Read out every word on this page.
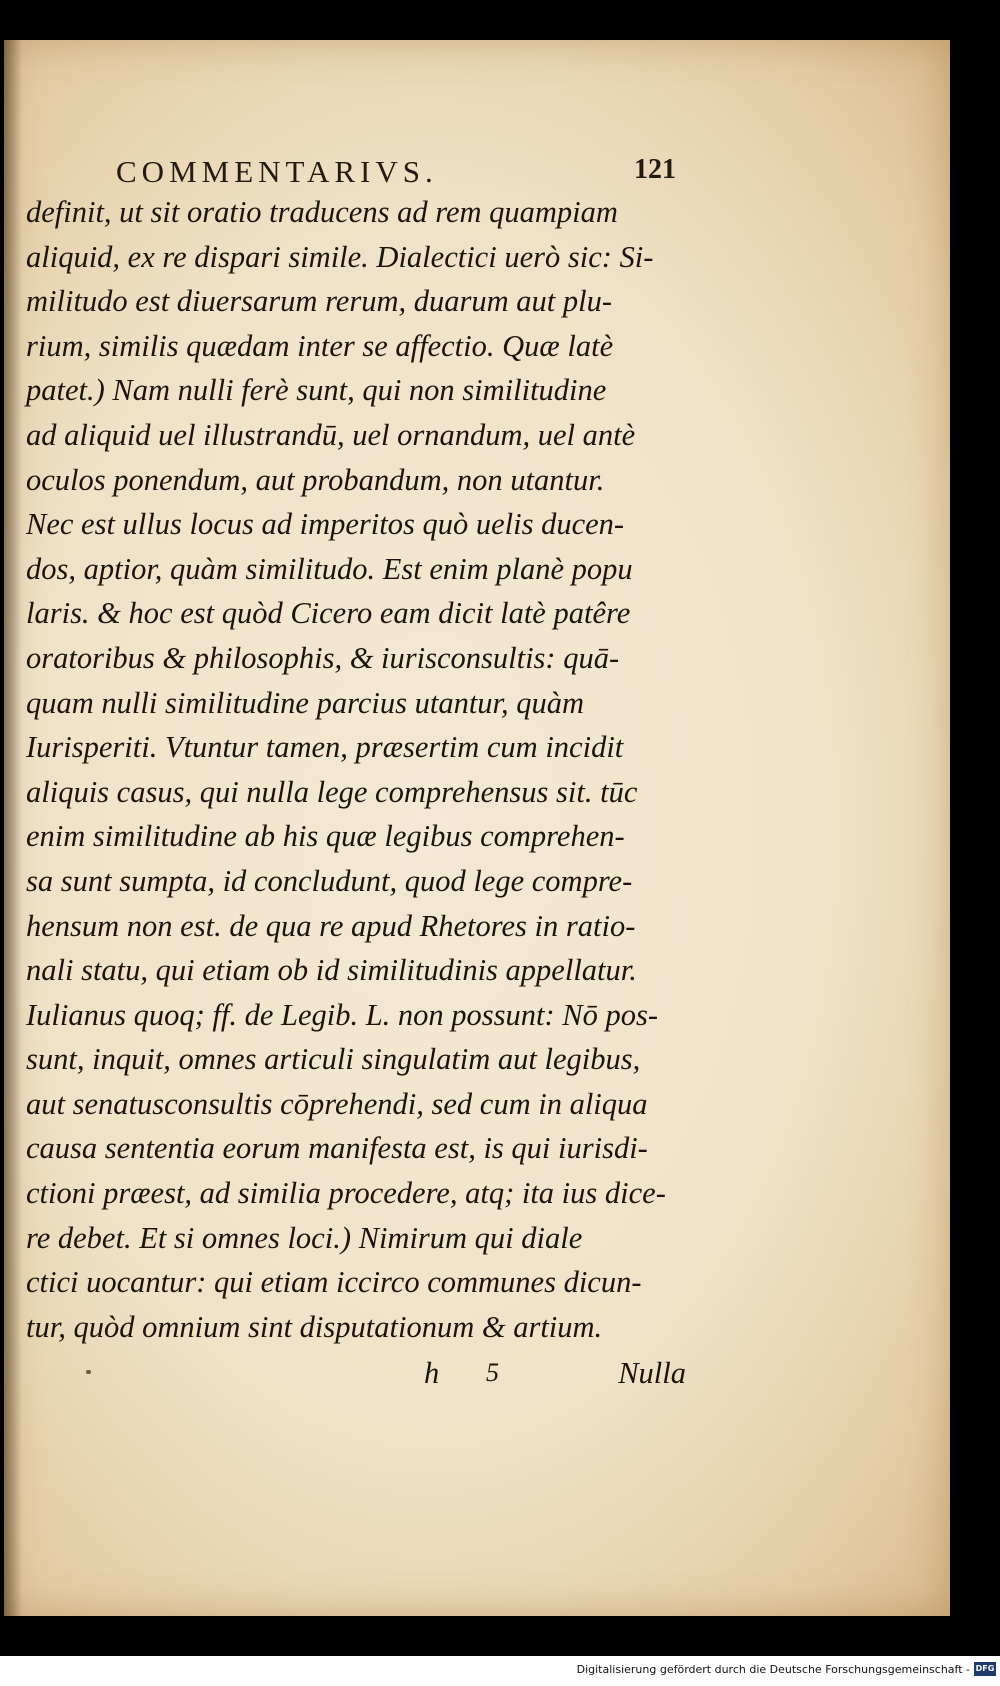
COMMENTARIVS.	121
definit, ut sit oratio traducens ad rem quampiam
aliquid, ex re dispari simile. Dialectici uerò sic: Si-
militudo est diuersarum rerum, duarum aut plu-
rium, similis quædam inter se affectio. Quæ latè
patet.) Nam nulli ferè sunt, qui non similitudine
ad aliquid uel illustrandū, uel ornandum, uel antè
oculos ponendum, aut probandum, non utantur.
Nec est ullus locus ad imperitos quò uelis ducen-
dos, aptior, quàm similitudo. Est enim planè popu
laris. & hoc est quòd Cicero eam dicit latè patêre
oratoribus & philosophis, & iurisconsultis: quā-
quam nulli similitudine parcius utantur, quàm
Iurisperiti. Vtuntur tamen, præsertim cum incidit
aliquis casus, qui nulla lege comprehensus sit. tūc
enim similitudine ab his quæ legibus comprehen-
sa sunt sumpta, id concludunt, quod lege compre-
hensum non est. de qua re apud Rhetores in ratio-
nali statu, qui etiam ob id similitudinis appellatur.
Iulianus quoq; ff. de Legib. L. non possunt: Nō pos-
sunt, inquit, omnes articuli singulatim aut legibus,
aut senatusconsultis cōprehendi, sed cum in aliqua
causa sententia eorum manifesta est, is qui iurisdi-
ctioni præest, ad similia procedere, atq; ita ius dice-
re debet. Et si omnes loci.) Nimirum qui diale
ctici uocantur: qui etiam iccirco communes dicun-
tur, quòd omnium sint disputationum & artium.
h 5	Nulla
Digitalisierung gefördert durch die Deutsche Forschungsgemeinschaft - DFG
